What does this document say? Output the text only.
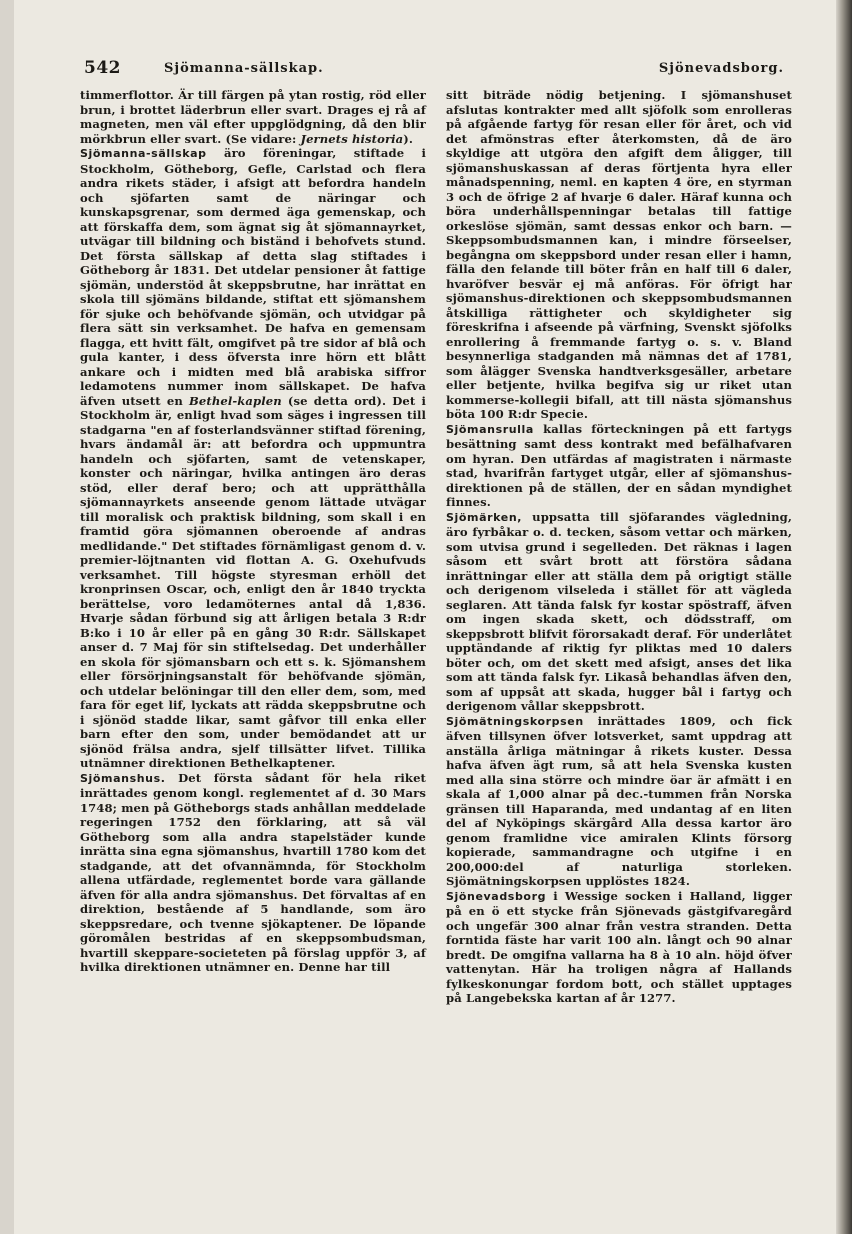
542	Sjömanna-sällskap.	Sjönevadsborg.

timmerflottor. Är till färgen på ytan rostig, röd eller brun, i brottet läderbrun eller svart. Drages ej rå af magneten, men väl efter uppglödgning, då den blir mörkbrun eller svart. (Se vidare: Jernets historia).

Sjömanna-sällskap äro föreningar, stiftade i Stockholm, Götheborg, Gefle, Carlstad och flera andra rikets städer, i afsigt att befordra handeln och sjöfarten samt de näringar och kunskapsgrenar, som dermed äga gemenskap, och att förskaffa dem, som ägnat sig åt sjömannayrket, utvägar till bildning och biständ i behofvets stund. Det första sällskap af detta slag stiftades i Götheborg år 1831. Det utdelar pensioner åt fattige sjömän, understöd åt skeppsbrutne, har inrättat en skola till sjömäns bildande, stiftat ett sjömanshem för sjuke och behöfvande sjömän, och utvidgar på flera sätt sin verksamhet. De hafva en gemensam flagga, ett hvitt fält, omgifvet på tre sidor af blå och gula kanter, i dess öfversta inre hörn ett blått ankare och i midten med blå arabiska siffror ledamotens nummer inom sällskapet. De hafva äfven utsett en Bethel-kaplen (se detta ord). Det i Stockholm är, enligt hvad som säges i ingressen till stadgarna "en af fosterlandsvänner stiftad förening, hvars ändamål är: att befordra och uppmuntra handeln och sjöfarten, samt de vetenskaper, konster och näringar, hvilka antingen äro deras stöd, eller deraf bero; och att upprätthålla sjömannayrkets anseende genom lättade utvägar till moralisk och praktisk bildning, som skall i en framtid göra sjömannen oberoende af andras medlidande." Det stiftades förnämligast genom d. v. premier-löjtnanten vid flottan A. G. Oxehufvuds verksamhet. Till högste styresman erhöll det kronprinsen Oscar, och, enligt den år 1840 tryckta berättelse, voro ledamöternes antal då 1,836. Hvarje sådan förbund sig att årligen betala 3 R:dr B:ko i 10 år eller på en gång 30 R:dr. Sällskapet anser d. 7 Maj för sin stiftelsedag. Det underhåller en skola för sjömansbarn och ett s. k. Sjömanshem eller försörjningsanstalt för behöfvande sjömän, och utdelar belöningar till den eller dem, som, med fara för eget lif, lyckats att rädda skeppsbrutne och i sjönöd stadde likar, samt gåfvor till enka eller barn efter den som, under bemödandet att ur sjönöd frälsa andra, sjelf tillsätter lifvet. Tillika utnämner direktionen Bethelkaptener.

Sjömanshus. Det första sådant för hela riket inrättades genom kongl. reglementet af d. 30 Mars 1748; men på Götheborgs stads anhållan meddelade regeringen 1752 den förklaring, att så väl Götheborg som alla andra stapelstäder kunde inrätta sina egna sjömanshus, hvartill 1780 kom det stadgande, att det ofvannämnda, för Stockholm allena utfärdade, reglementet borde vara gällande äfven för alla andra sjömanshus. Det förvaltas af en direktion, bestående af 5 handlande, som äro skeppsredare, och tvenne sjökaptener. De löpande göromålen bestridas af en skeppsombudsman, hvartill skeppare-societeten på förslag uppför 3, af hvilka direktionen utnämner en. Denne har till

sitt biträde nödig betjening. I sjömanshuset afslutas kontrakter med allt sjöfolk som enrolleras på afgående fartyg för resan eller för året, och vid det afmönstras efter återkomsten, då de äro skyldige att utgöra den afgift dem åligger, till sjömanshuskassan af deras förtjenta hyra eller månadspenning, neml. en kapten 4 öre, en styrman 3 och de öfrige 2 af hvarje 6 daler. Häraf kunna och böra underhållspenningar betalas till fattige orkeslöse sjömän, samt dessas enkor och barn. — Skeppsombudsmannen kan, i mindre förseelser, begångna om skeppsbord under resan eller i hamn, fälla den felande till böter från en half till 6 daler, hvaröfver besvär ej må anföras. För öfrigt har sjömanshus-direktionen och skeppsombudsmannen åtskilliga rättigheter och skyldigheter sig föreskrifna i afseende på värfning, Svenskt sjöfolks enrollering å fremmande fartyg o. s. v. Bland besynnerliga stadganden må nämnas det af 1781, som ålägger Svenska handtverksgesäller, arbetare eller betjente, hvilka begifva sig ur riket utan kommerse-kollegii bifall, att till nästa sjömanshus böta 100 R:dr Specie.

Sjömansrulla kallas förteckningen på ett fartygs besättning samt dess kontrakt med befälhafvaren om hyran. Den utfärdas af magistraten i närmaste stad, hvarifrån fartyget utgår, eller af sjömanshus-direktionen på de ställen, der en sådan myndighet finnes.

Sjömärken, uppsatta till sjöfarandes vägledning, äro fyrbåkar o. d. tecken, såsom vettar och märken, som utvisa grund i segelleden. Det räknas i lagen såsom ett svårt brott att förstöra sådana inrättningar eller att ställa dem på origtigt ställe och derigenom vilseleda i stället för att vägleda seglaren. Att tända falsk fyr kostar spöstraff, äfven om ingen skada skett, och dödsstraff, om skeppsbrott blifvit förorsakadt deraf. För underlåtet upptändande af riktig fyr pliktas med 10 dalers böter och, om det skett med afsigt, anses det lika som att tända falsk fyr. Likaså behandlas äfven den, som af uppsåt att skada, hugger bål i fartyg och derigenom vållar skeppsbrott.

Sjömätningskorpsen inrättades 1809, och fick äfven tillsynen öfver lotsverket, samt uppdrag att anställa årliga mätningar å rikets kuster. Dessa hafva äfven ägt rum, så att hela Svenska kusten med alla sina större och mindre öar är afmätt i en skala af 1,000 alnar på dec.-tummen från Norska gränsen till Haparanda, med undantag af en liten del af Nyköpings skärgård Alla dessa kartor äro genom framlidne vice amiralen Klints försorg kopierade, sammandragne och utgifne i en 200,000:del af naturliga storleken. Sjömätningskorpsen upplöstes 1824.

Sjönevadsborg i Wessige socken i Halland, ligger på en ö ett stycke från Sjönevads gästgifvaregård och ungefär 300 alnar från vestra stranden. Detta forntida fäste har varit 100 aln. långt och 90 alnar bredt. De omgifna vallarna ha 8 à 10 aln. höjd öfver vattenytan. Här ha troligen några af Hallands fylkeskonungar fordom bott, och stället upptages på Langebekska kartan af år 1277.
